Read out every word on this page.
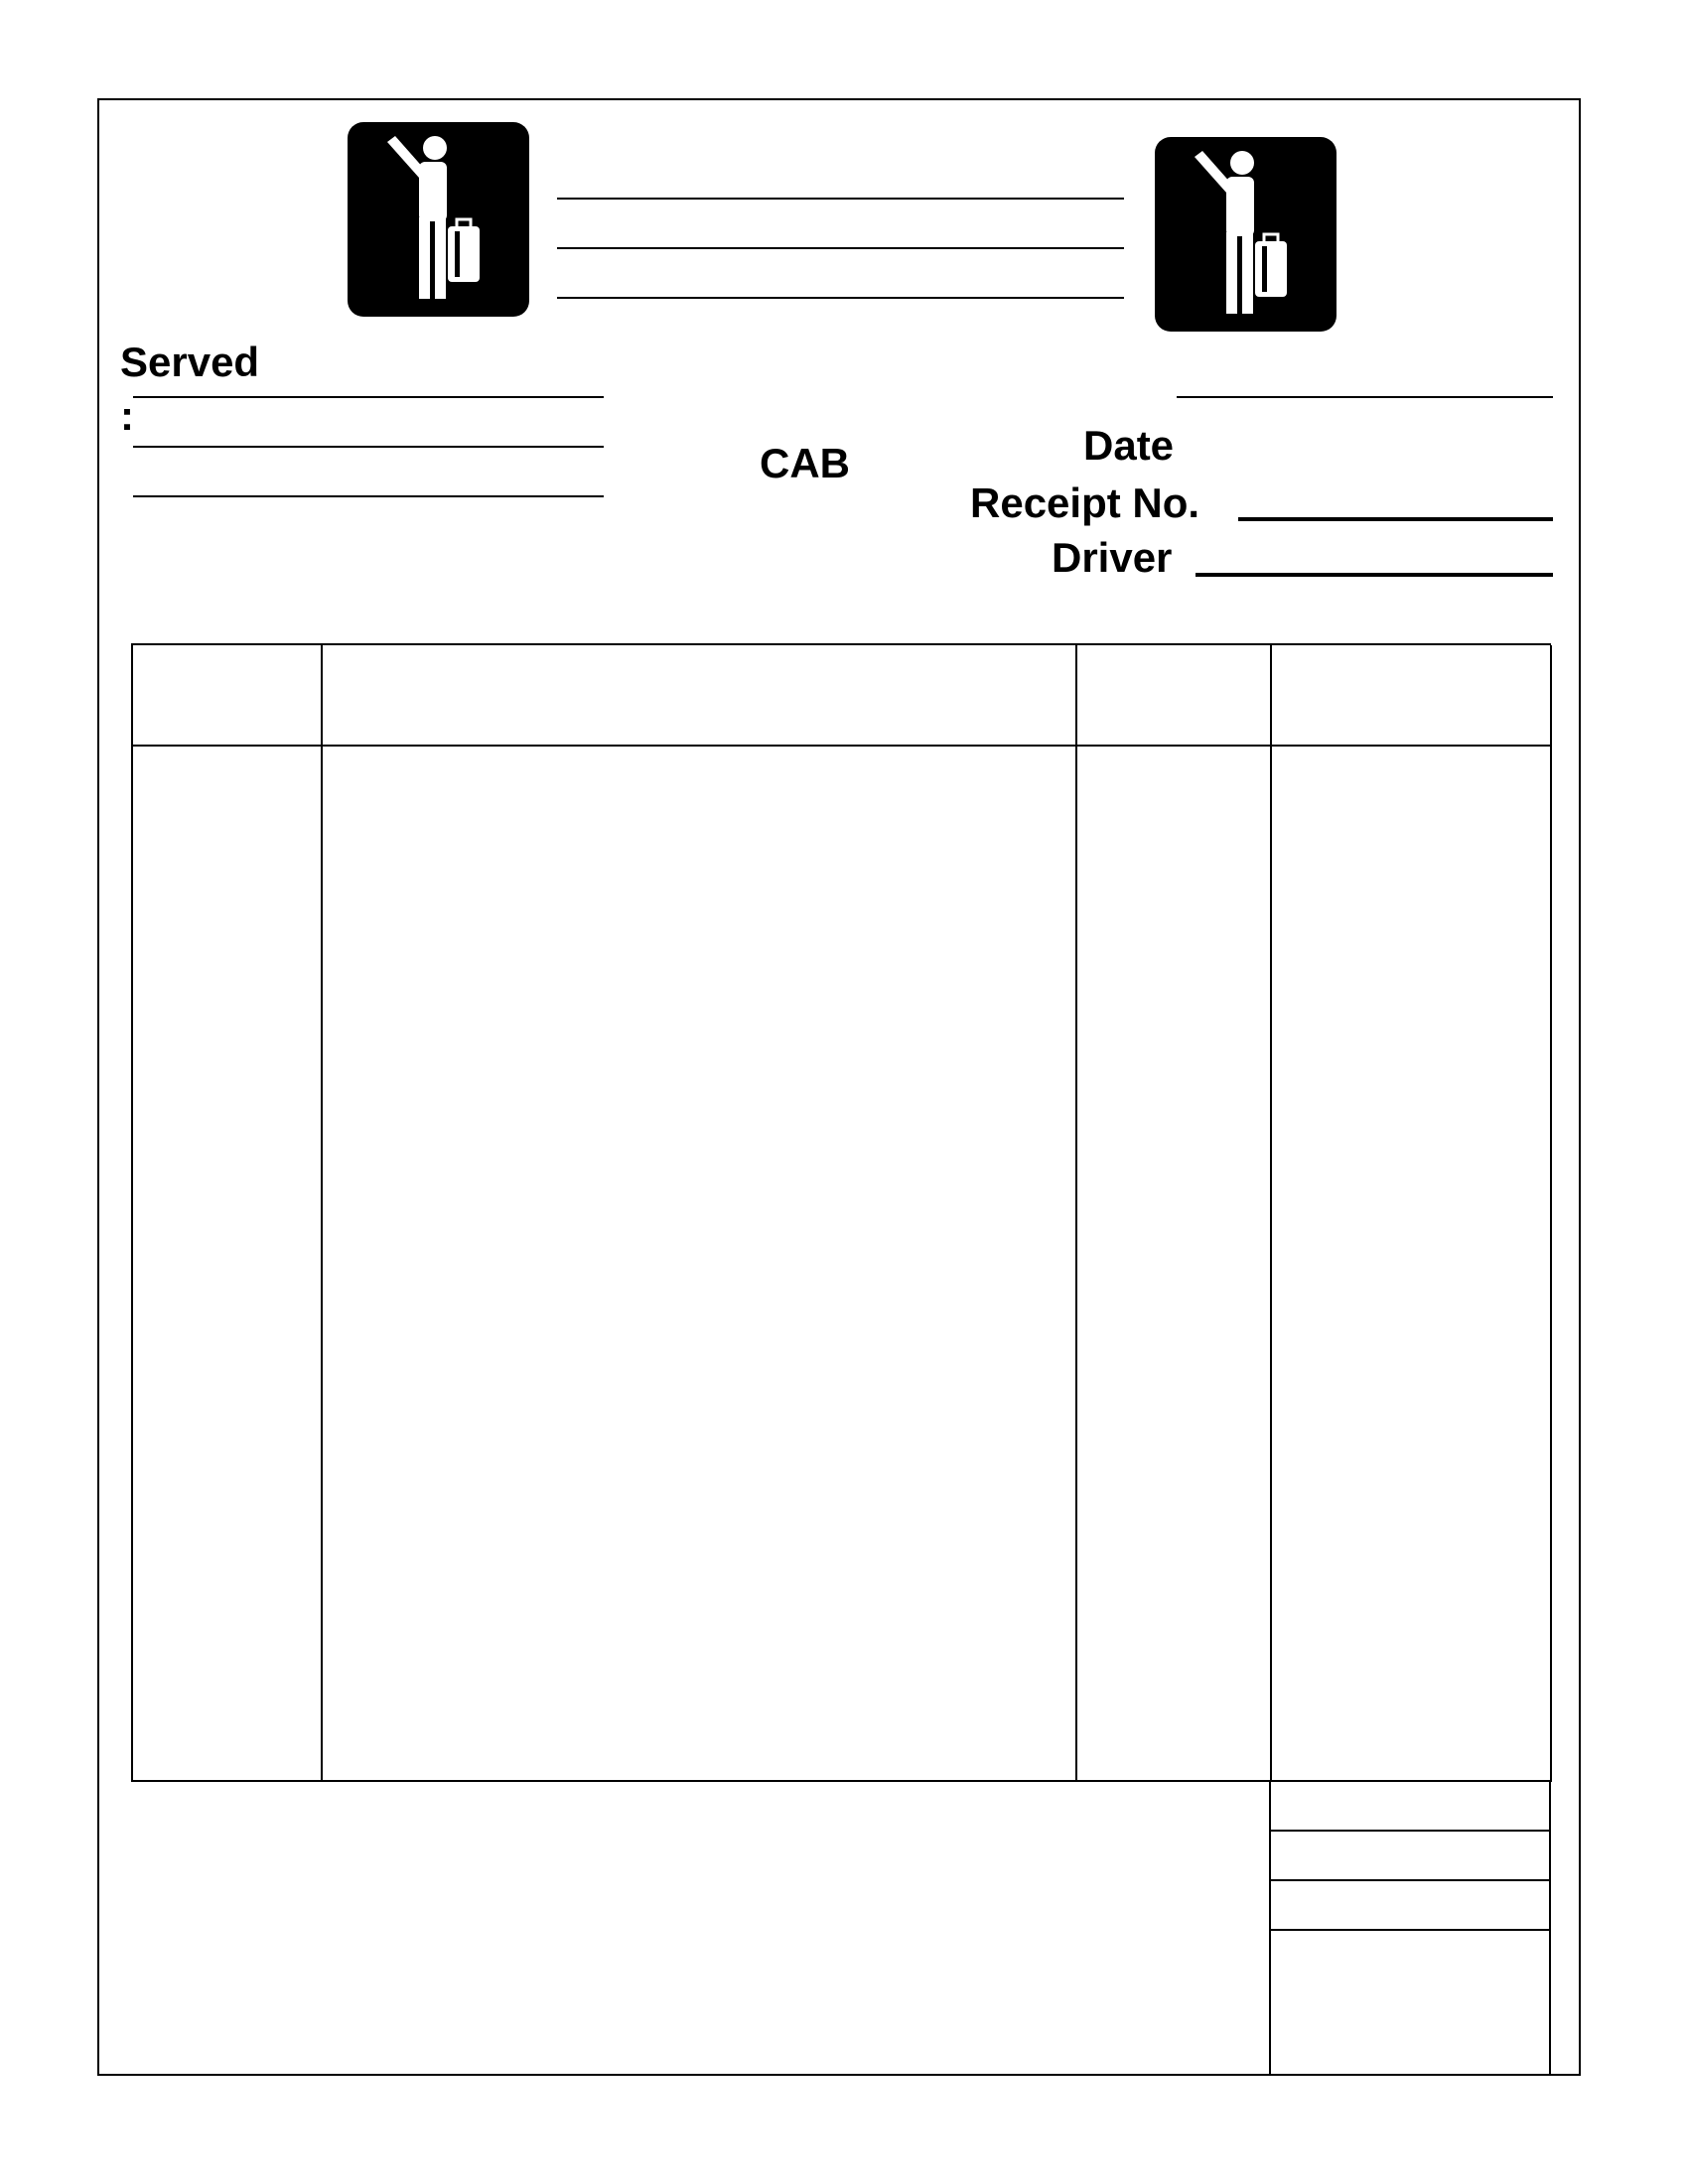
Served
:
CAB	Date
Receipt No.
Driver
